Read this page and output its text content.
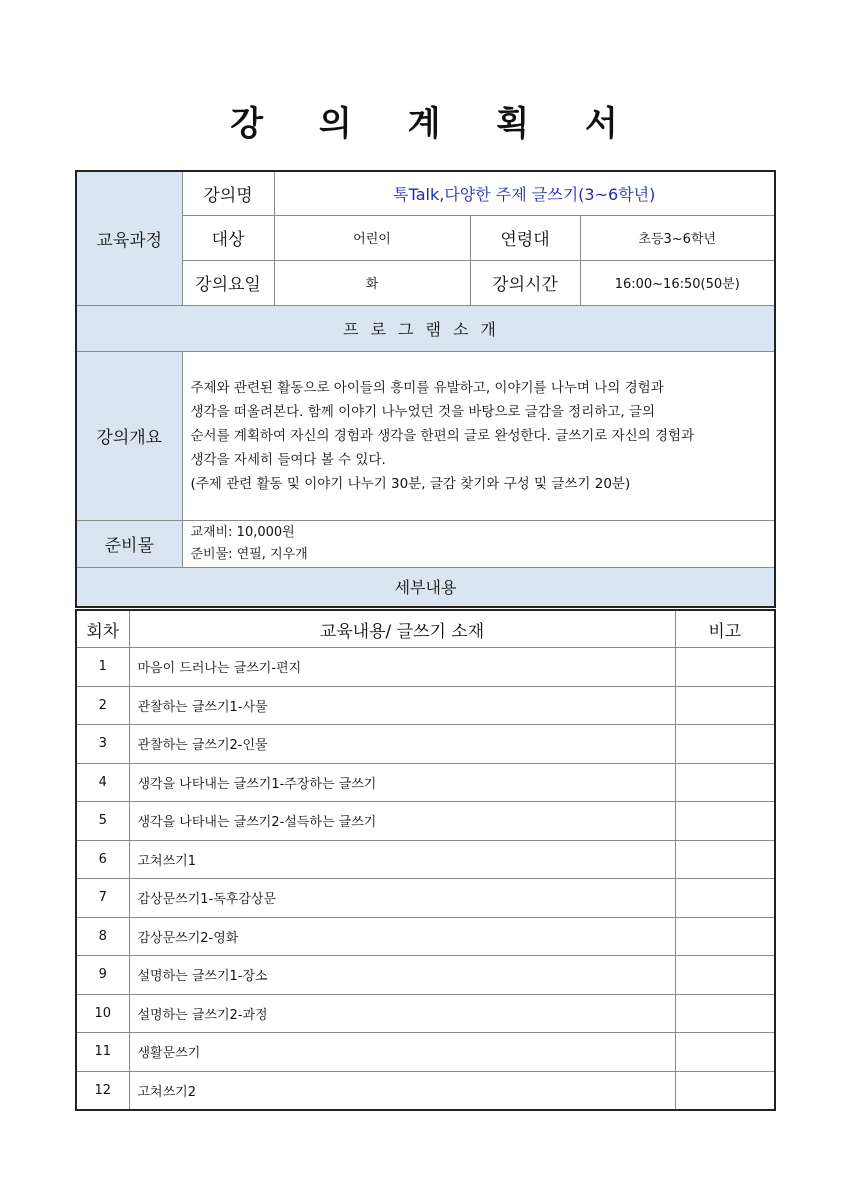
강 의 계 획 서
교육과정	강의명	톡Talk,다양한 주제 글쓰기(3~6학년)		
	대상	어린이	연령대	초등3~6학년
	강의요일	화	강의시간	16:00~16:50(50분)
프로그램소개				
강의개요	주제와 관련된 활동으로 아이들의 흥미를 유발하고, 이야기를 나누며 나의 경험과

생각을 떠올려본다. 함께 이야기 나누었던 것을 바탕으로 글감을 정리하고, 글의

순서를 계획하여 자신의 경험과 생각을 한편의 글로 완성한다. 글쓰기로 자신의 경험과

생각을 자세히 들여다 볼 수 있다.

(주제 관련 활동 및 이야기 나누기 30분, 글감 찾기와 구성 및 글쓰기 20분)			

준비물	교재비: 10,000원

준비물: 연필, 지우개			

세부내용				
회차	교육내용/ 글쓰기 소재	비고
1	마음이 드러나는 글쓰기-편지	
2	관찰하는 글쓰기1-사물	
3	관찰하는 글쓰기2-인물	
4	생각을 나타내는 글쓰기1-주장하는 글쓰기	
5	생각을 나타내는 글쓰기2-설득하는 글쓰기	
6	고쳐쓰기1	
7	감상문쓰기1-독후감상문	
8	감상문쓰기2-영화	
9	설명하는 글쓰기1-장소	
10	설명하는 글쓰기2-과정	
11	생활문쓰기	
12	고쳐쓰기2	
